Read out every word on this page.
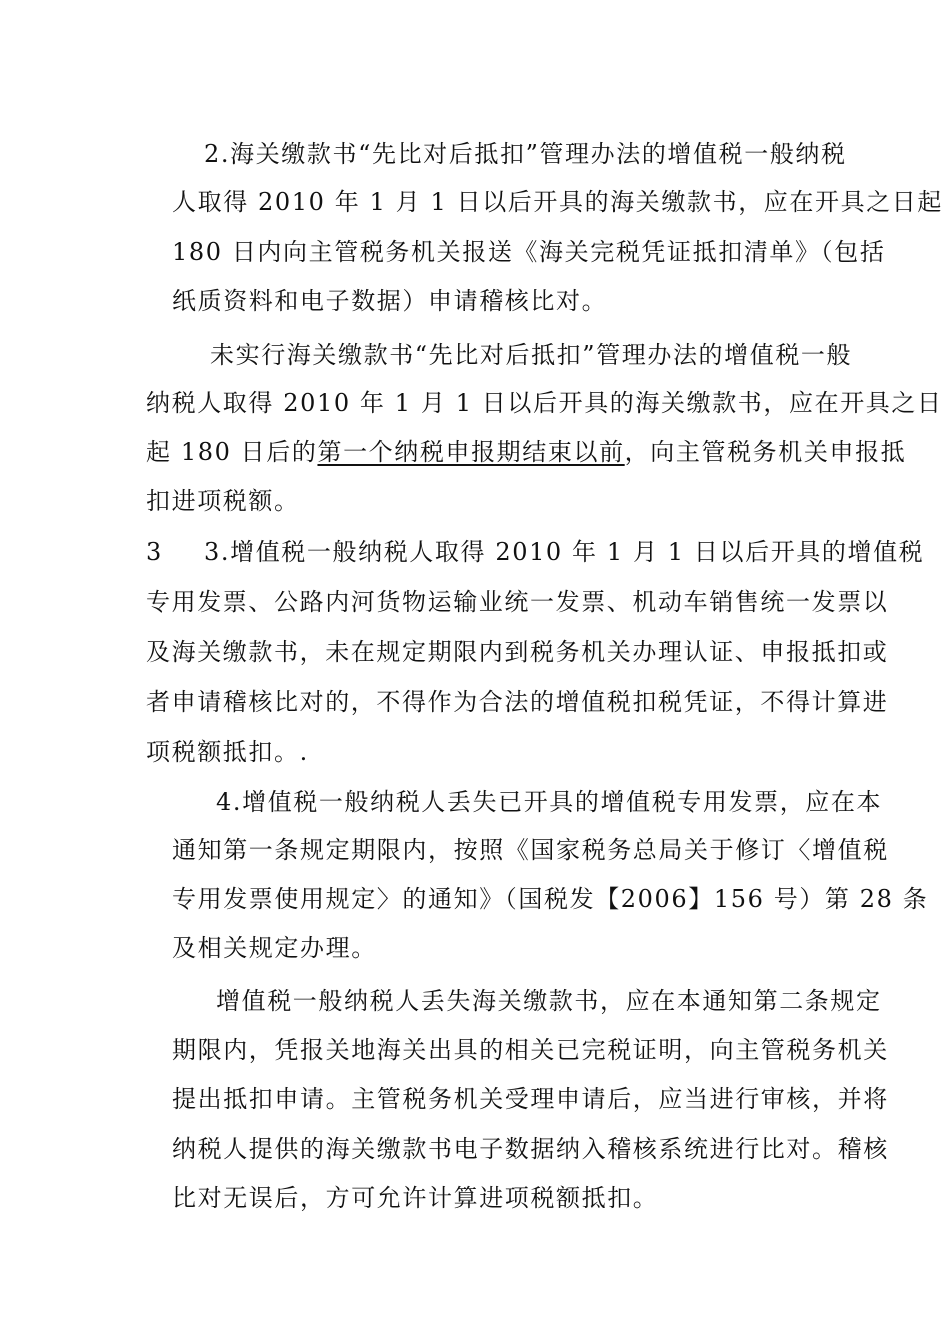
2.海关缴款书“先比对后抵扣”管理办法的增值税一般纳税

人取得 2010 年 1 月 1 日以后开具的海关缴款书，应在开具之日起

180 日内向主管税务机关报送《海关完税凭证抵扣清单》（包括

纸质资料和电子数据）申请稽核比对。

未实行海关缴款书“先比对后抵扣”管理办法的增值税一般

纳税人取得 2010 年 1 月 1 日以后开具的海关缴款书，应在开具之日

起 180 日后的第一个纳税申报期结束以前，向主管税务机关申报抵

扣进项税额。

3 3.增值税一般纳税人取得 2010 年 1 月 1 日以后开具的增值税

专用发票、公路内河货物运输业统一发票、机动车销售统一发票以

及海关缴款书，未在规定期限内到税务机关办理认证、申报抵扣或

者申请稽核比对的，不得作为合法的增值税扣税凭证，不得计算进

项税额抵扣。.

4.增值税一般纳税人丢失已开具的增值税专用发票，应在本

通知第一条规定期限内，按照《国家税务总局关于修订〈增值税

专用发票使用规定〉的通知》（国税发【2006】156 号）第 28 条

及相关规定办理。

增值税一般纳税人丢失海关缴款书，应在本通知第二条规定

期限内，凭报关地海关出具的相关已完税证明，向主管税务机关

提出抵扣申请。主管税务机关受理申请后，应当进行审核，并将

纳税人提供的海关缴款书电子数据纳入稽核系统进行比对。稽核

比对无误后，方可允许计算进项税额抵扣。
